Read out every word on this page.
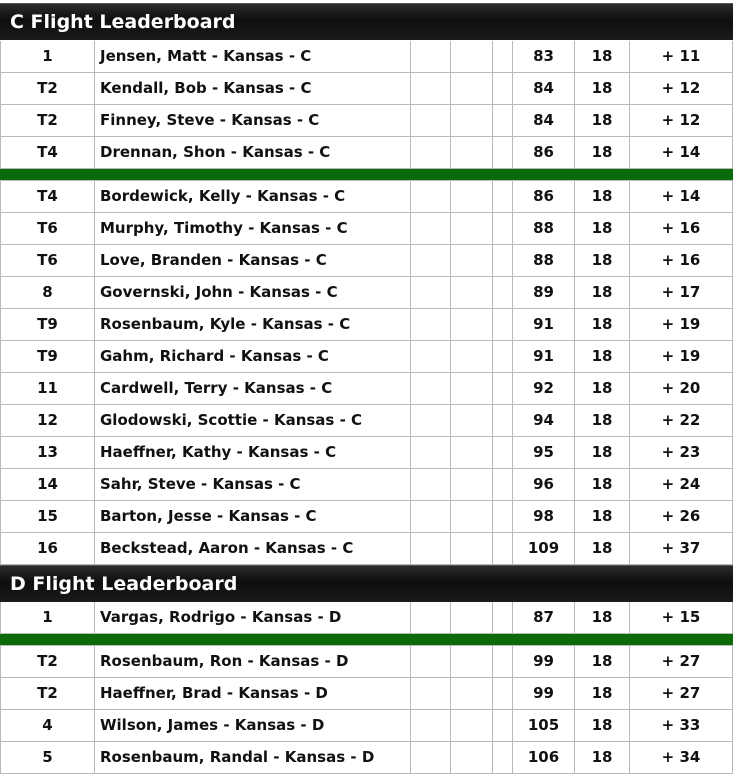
C Flight Leaderboard
1	Jensen, Matt - Kansas - C	83	18	+ 11
T2	Kendall, Bob - Kansas - C	84	18	+ 12
T2	Finney, Steve - Kansas - C	84	18	+ 12
T4	Drennan, Shon - Kansas - C	86	18	+ 14
T4	Bordewick, Kelly - Kansas - C	86	18	+ 14
T6	Murphy, Timothy - Kansas - C	88	18	+ 16
T6	Love, Branden - Kansas - C	88	18	+ 16
8	Governski, John - Kansas - C	89	18	+ 17
T9	Rosenbaum, Kyle - Kansas - C	91	18	+ 19
T9	Gahm, Richard - Kansas - C	91	18	+ 19
11	Cardwell, Terry - Kansas - C	92	18	+ 20
12	Glodowski, Scottie - Kansas - C	94	18	+ 22
13	Haeffner, Kathy - Kansas - C	95	18	+ 23
14	Sahr, Steve - Kansas - C	96	18	+ 24
15	Barton, Jesse - Kansas - C	98	18	+ 26
16	Beckstead, Aaron - Kansas - C	109	18	+ 37
D Flight Leaderboard
1	Vargas, Rodrigo - Kansas - D	87	18	+ 15
T2	Rosenbaum, Ron - Kansas - D	99	18	+ 27
T2	Haeffner, Brad - Kansas - D	99	18	+ 27
4	Wilson, James - Kansas - D	105	18	+ 33
5	Rosenbaum, Randal - Kansas - D	106	18	+ 34
